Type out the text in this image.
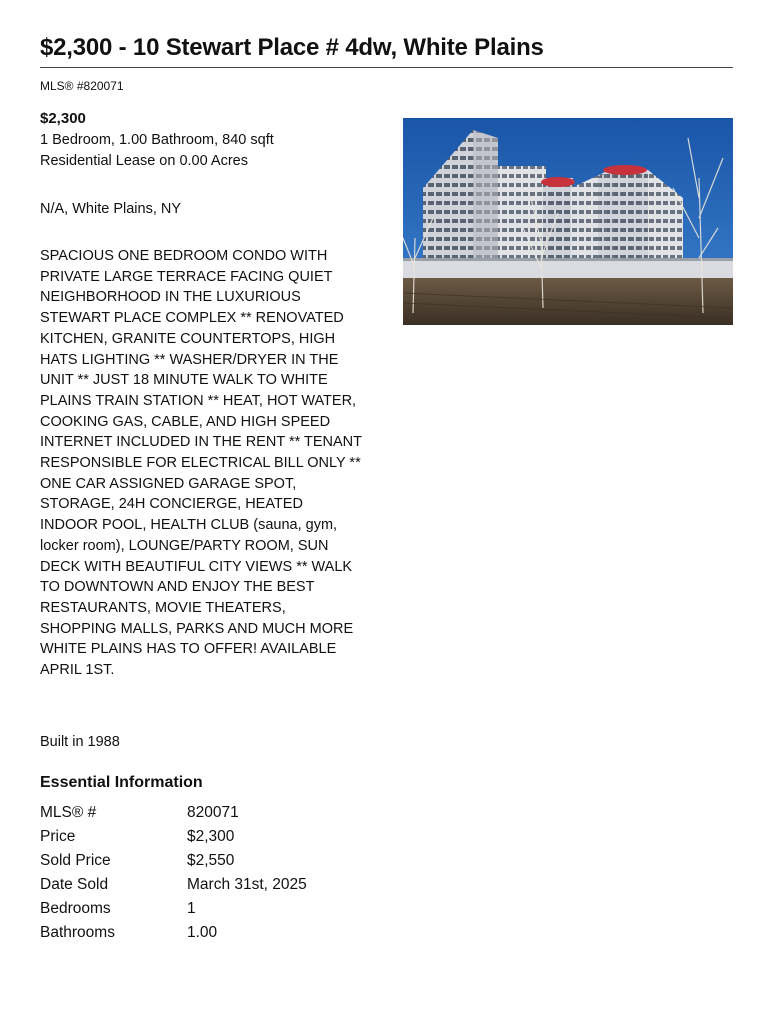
$2,300 - 10 Stewart Place # 4dw, White Plains
MLS® #820071
$2,300
1 Bedroom, 1.00 Bathroom, 840 sqft
Residential Lease on 0.00 Acres
N/A, White Plains, NY
SPACIOUS ONE BEDROOM CONDO WITH PRIVATE LARGE TERRACE FACING QUIET NEIGHBORHOOD IN THE LUXURIOUS STEWART PLACE COMPLEX ** RENOVATED KITCHEN, GRANITE COUNTERTOPS, HIGH HATS LIGHTING ** WASHER/DRYER IN THE UNIT ** JUST 18 MINUTE WALK TO WHITE PLAINS TRAIN STATION ** HEAT, HOT WATER, COOKING GAS, CABLE, AND HIGH SPEED INTERNET INCLUDED IN THE RENT ** TENANT RESPONSIBLE FOR ELECTRICAL BILL ONLY ** ONE CAR ASSIGNED GARAGE SPOT, STORAGE, 24H CONCIERGE, HEATED INDOOR POOL, HEALTH CLUB (sauna, gym, locker room), LOUNGE/PARTY ROOM, SUN DECK WITH BEAUTIFUL CITY VIEWS ** WALK TO DOWNTOWN AND ENJOY THE BEST RESTAURANTS, MOVIE THEATERS, SHOPPING MALLS, PARKS AND MUCH MORE WHITE PLAINS HAS TO OFFER! AVAILABLE APRIL 1ST.
Built in 1988
Essential Information
MLS® #	820071
Price	$2,300
Sold Price	$2,550
Date Sold	March 31st, 2025
Bedrooms	1
Bathrooms	1.00
